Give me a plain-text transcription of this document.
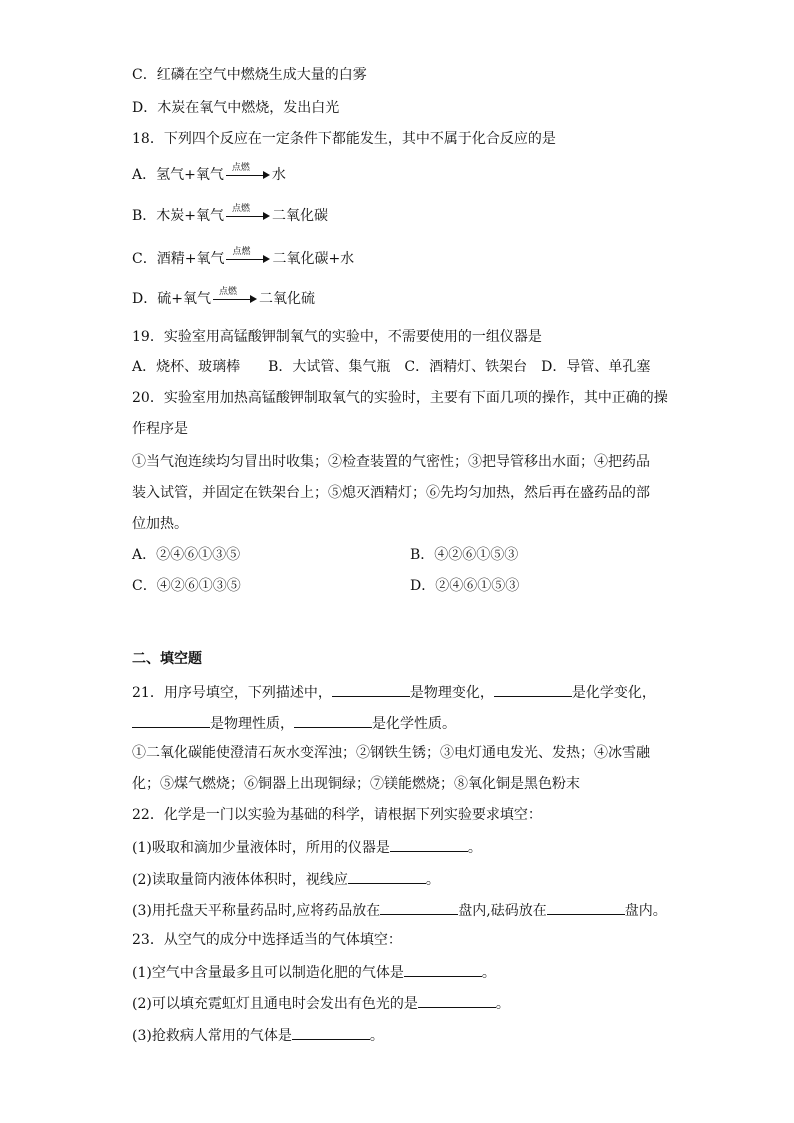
C．红磷在空气中燃烧生成大量的白雾
D．木炭在氧气中燃烧，发出白光
18．下列四个反应在一定条件下都能发生，其中不属于化合反应的是
A．氢气+氧气 点燃 水
B．木炭+氧气 点燃 二氧化碳
C．酒精+氧气 点燃 二氧化碳+水
D．硫+氧气 点燃 二氧化硫
19．实验室用高锰酸钾制氧气的实验中，不需要使用的一组仪器是
A．烧杯、玻璃棒　　B．大试管、集气瓶　C．酒精灯、铁架台　D．导管、单孔塞
20．实验室用加热高锰酸钾制取氧气的实验时，主要有下面几项的操作，其中正确的操
作程序是
①当气泡连续均匀冒出时收集；②检查装置的气密性；③把导管移出水面；④把药品
装入试管，并固定在铁架台上；⑤熄灭酒精灯；⑥先均匀加热，然后再在盛药品的部
位加热。
A．②④⑥①③⑤	B．④②⑥①⑤③
C．④②⑥①③⑤	D．②④⑥①⑤③
二、填空题
21．用序号填空，下列描述中，	是物理变化，	是化学变化，
是物理性质，	是化学性质。
①二氧化碳能使澄清石灰水变浑浊；②钢铁生锈；③电灯通电发光、发热；④冰雪融
化；⑤煤气燃烧；⑥铜器上出现铜绿；⑦镁能燃烧；⑧氧化铜是黑色粉末
22．化学是一门以实验为基础的科学，请根据下列实验要求填空：
(1)吸取和滴加少量液体时，所用的仪器是	。
(2)读取量筒内液体体积时，视线应	。
(3)用托盘天平称量药品时,应将药品放在	盘内,砝码放在	盘内。
23．从空气的成分中选择适当的气体填空：
(1)空气中含量最多且可以制造化肥的气体是	。
(2)可以填充霓虹灯且通电时会发出有色光的是	。
(3)抢救病人常用的气体是	。
